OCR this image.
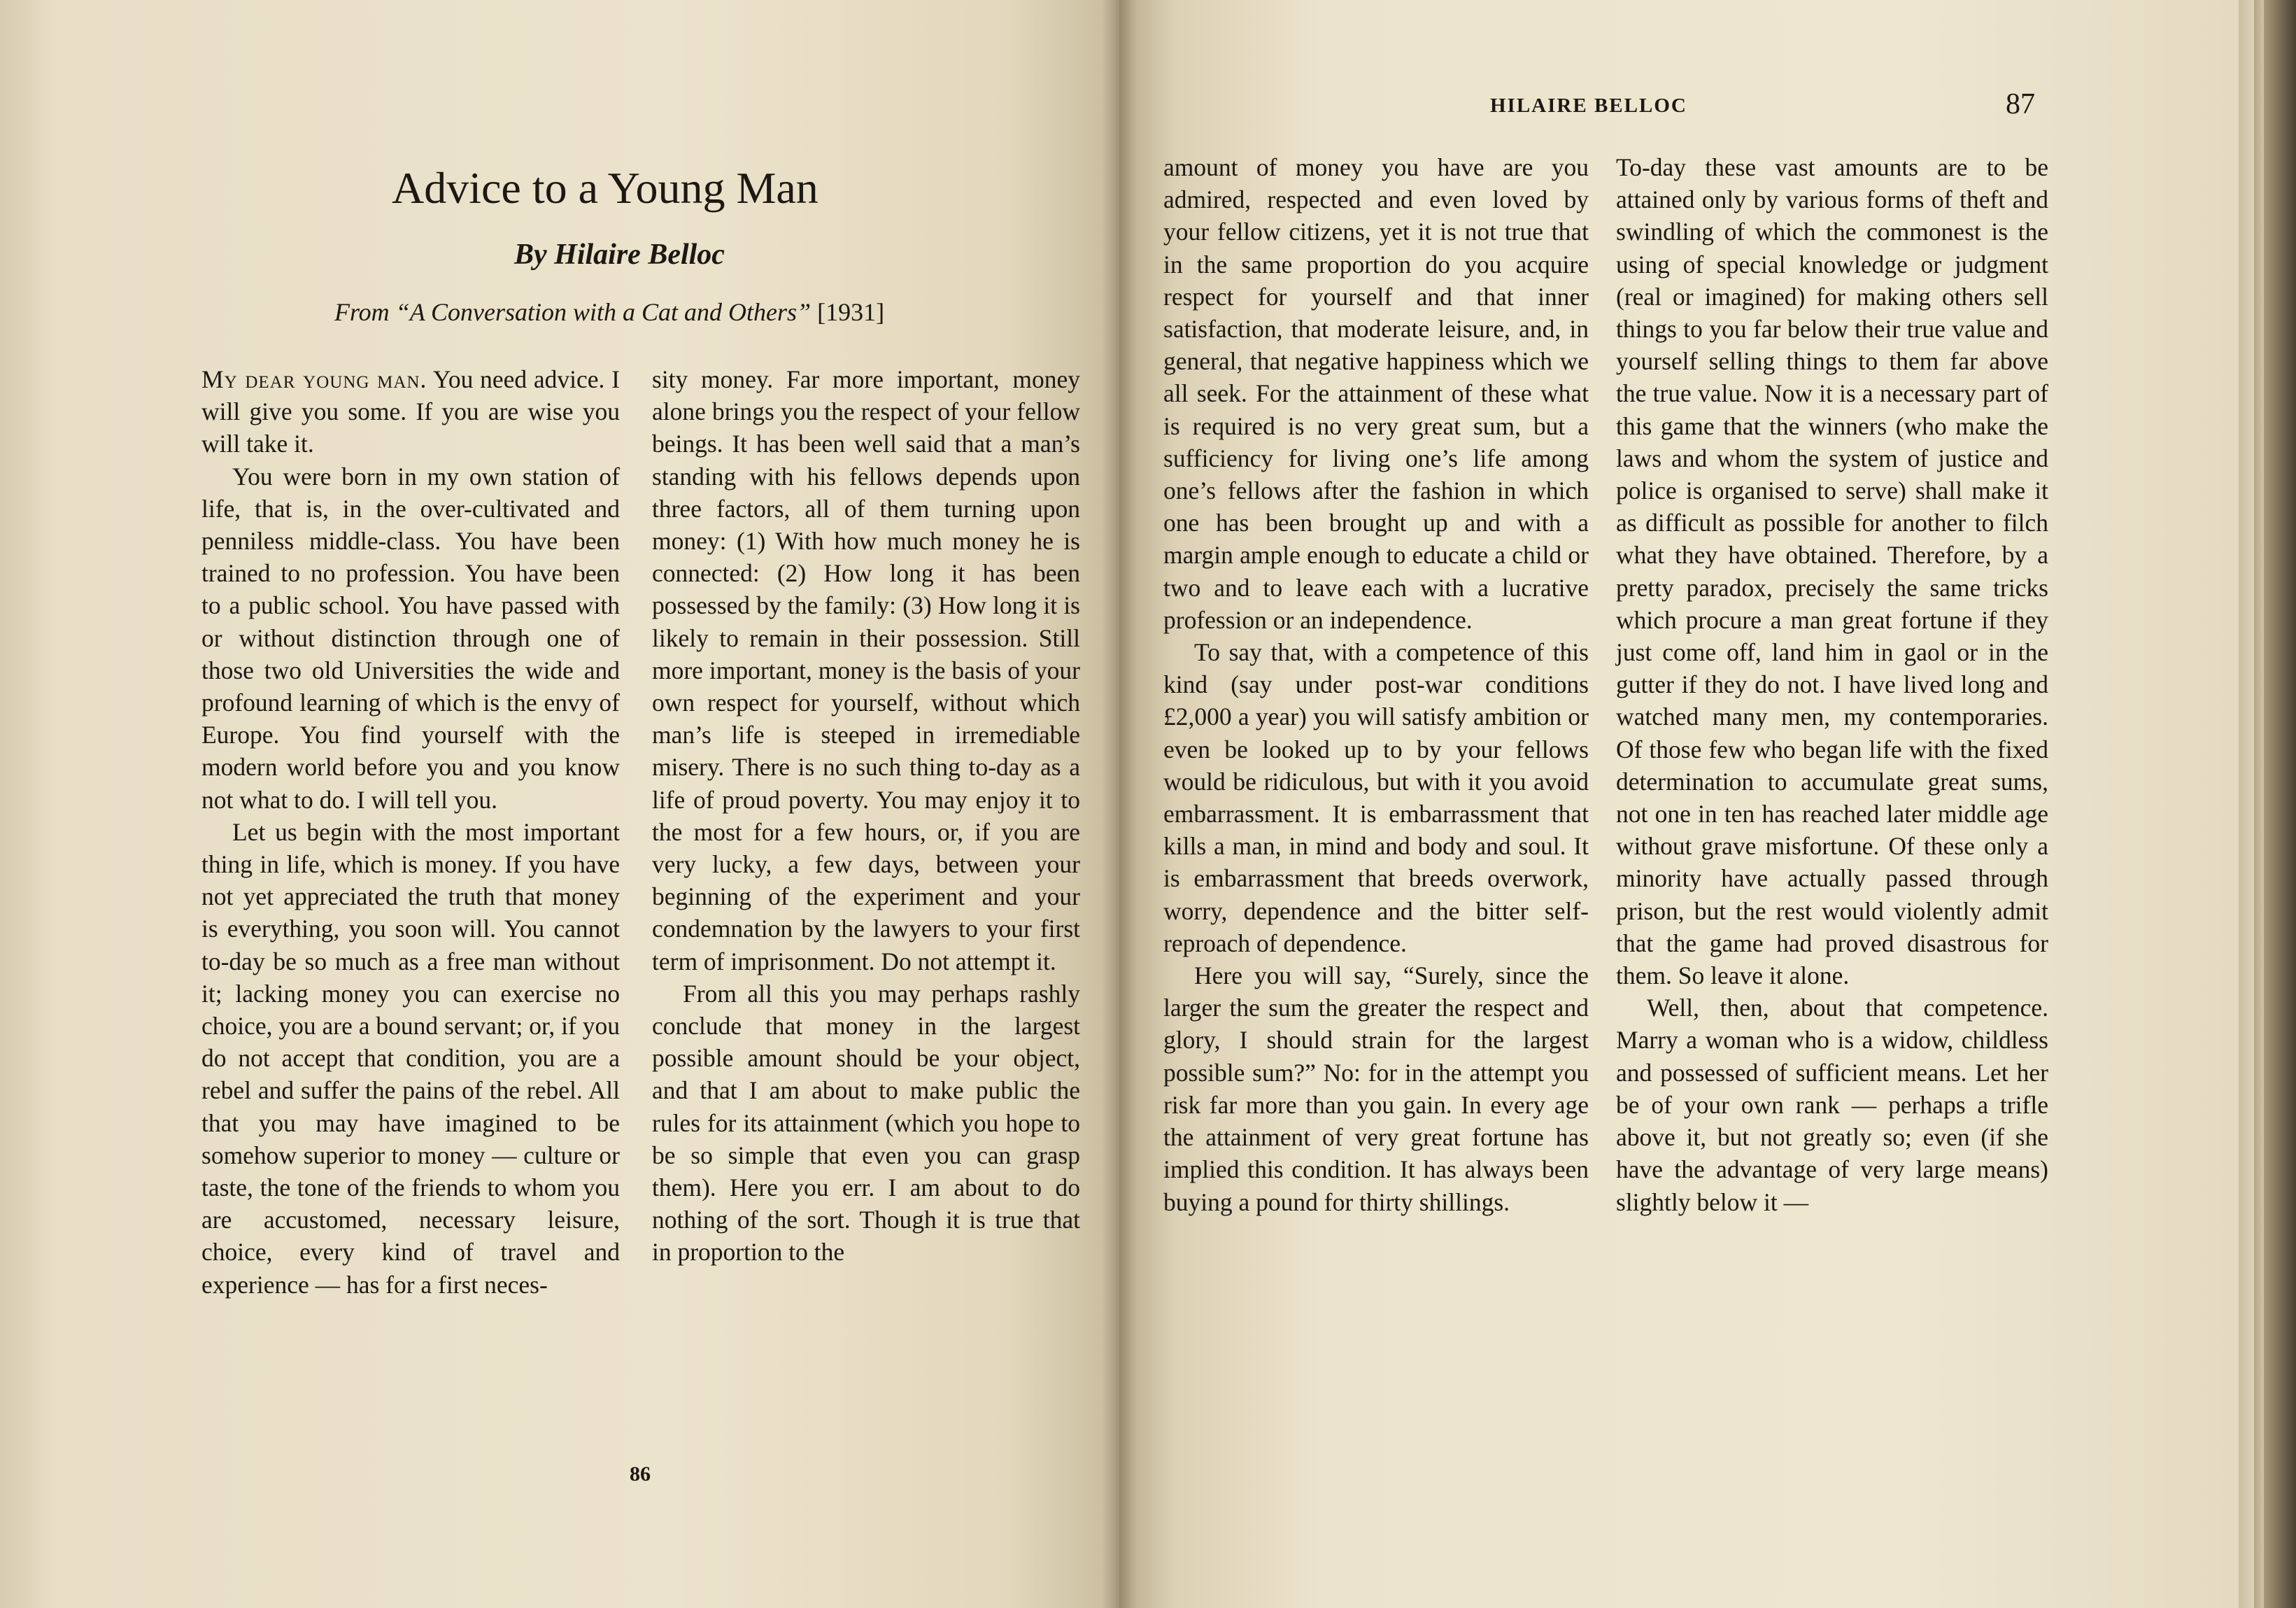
Advice to a Young Man
By Hilaire Belloc
From “A Conversation with a Cat and Others” [1931]

My dear young man. You need advice. I will give you some. If you are wise you will take it.

You were born in my own station of life, that is, in the over-cultivated and penniless middle-class. You have been trained to no profession. You have been to a public school. You have passed with or without distinction through one of those two old Universities the wide and profound learning of which is the envy of Europe. You find yourself with the modern world before you and you know not what to do. I will tell you.

Let us begin with the most important thing in life, which is money. If you have not yet appreciated the truth that money is everything, you soon will. You cannot to-day be so much as a free man without it; lacking money you can exercise no choice, you are a bound servant; or, if you do not accept that condition, you are a rebel and suffer the pains of the rebel. All that you may have imagined to be somehow superior to money — culture or taste, the tone of the friends to whom you are accustomed, necessary leisure, choice, every kind of travel and experience — has for a first neces-

sity money. Far more important, money alone brings you the respect of your fellow beings. It has been well said that a man’s standing with his fellows depends upon three factors, all of them turning upon money: (1) With how much money he is connected: (2) How long it has been possessed by the family: (3) How long it is likely to remain in their possession. Still more important, money is the basis of your own respect for yourself, without which man’s life is steeped in irremediable misery. There is no such thing to-day as a life of proud poverty. You may enjoy it to the most for a few hours, or, if you are very lucky, a few days, between your beginning of the experiment and your condemnation by the lawyers to your first term of imprisonment. Do not attempt it.

From all this you may perhaps rashly conclude that money in the largest possible amount should be your object, and that I am about to make public the rules for its attainment (which you hope to be so simple that even you can grasp them). Here you err. I am about to do nothing of the sort. Though it is true that in proportion to the

86
HILAIRE BELLOC	87

amount of money you have are you admired, respected and even loved by your fellow citizens, yet it is not true that in the same proportion do you acquire respect for yourself and that inner satisfaction, that moderate leisure, and, in general, that negative happiness which we all seek. For the attainment of these what is required is no very great sum, but a sufficiency for living one’s life among one’s fellows after the fashion in which one has been brought up and with a margin ample enough to educate a child or two and to leave each with a lucrative profession or an independence.

To say that, with a competence of this kind (say under post-war conditions £2,000 a year) you will satisfy ambition or even be looked up to by your fellows would be ridiculous, but with it you avoid embarrassment. It is embarrassment that kills a man, in mind and body and soul. It is embarrassment that breeds overwork, worry, dependence and the bitter self-reproach of dependence.

Here you will say, “Surely, since the larger the sum the greater the respect and glory, I should strain for the largest possible sum?” No: for in the attempt you risk far more than you gain. In every age the attainment of very great fortune has implied this condition. It has always been buying a pound for thirty shillings.

To-day these vast amounts are to be attained only by various forms of theft and swindling of which the commonest is the using of special knowledge or judgment (real or imagined) for making others sell things to you far below their true value and yourself selling things to them far above the true value. Now it is a necessary part of this game that the winners (who make the laws and whom the system of justice and police is organised to serve) shall make it as difficult as possible for another to filch what they have obtained. Therefore, by a pretty paradox, precisely the same tricks which procure a man great fortune if they just come off, land him in gaol or in the gutter if they do not. I have lived long and watched many men, my contemporaries. Of those few who began life with the fixed determination to accumulate great sums, not one in ten has reached later middle age without grave misfortune. Of these only a minority have actually passed through prison, but the rest would violently admit that the game had proved disastrous for them. So leave it alone.

Well, then, about that competence. Marry a woman who is a widow, childless and possessed of sufficient means. Let her be of your own rank — perhaps a trifle above it, but not greatly so; even (if she have the advantage of very large means) slightly below it —
